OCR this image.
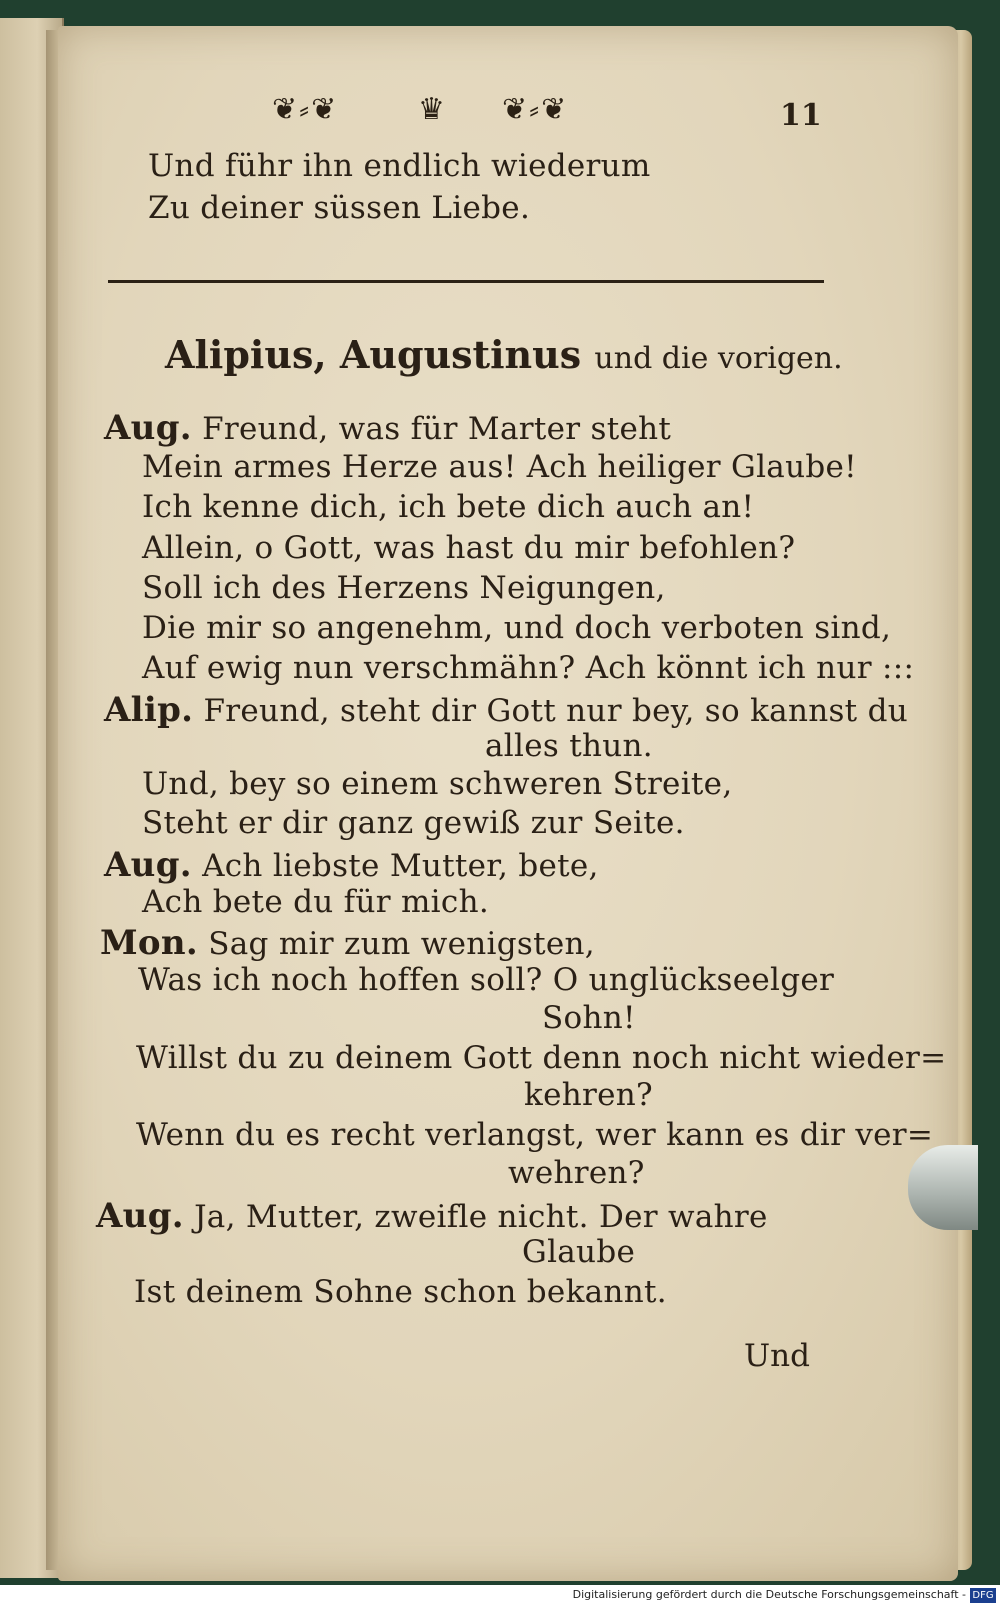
❦⸗❦	♛ ❦⸗❦	11
Und führ ihn endlich wiederum
Zu deiner süssen Liebe.
Alipius, Augustinus und die vorigen.
Aug. Freund, was für Marter steht
Mein armes Herze aus! Ach heiliger Glaube!
Ich kenne dich, ich bete dich auch an!
Allein, o Gott, was hast du mir befohlen?
Soll ich des Herzens Neigungen,
Die mir so angenehm, und doch verboten sind,
Auf ewig nun verschmähn? Ach könnt ich nur :::
Alip. Freund, steht dir Gott nur bey, so kannst du
alles thun.
Und, bey so einem schweren Streite,
Steht er dir ganz gewiß zur Seite.
Aug. Ach liebste Mutter, bete,
Ach bete du für mich.
Mon. Sag mir zum wenigsten,
Was ich noch hoffen soll? O unglückseelger
Sohn!
Willst du zu deinem Gott denn noch nicht wieder=
kehren?
Wenn du es recht verlangst, wer kann es dir ver=
wehren?
Aug. Ja, Mutter, zweifle nicht. Der wahre
Glaube
Ist deinem Sohne schon bekannt.
Und
Digitalisierung gefördert durch die Deutsche Forschungsgemeinschaft - DFG
